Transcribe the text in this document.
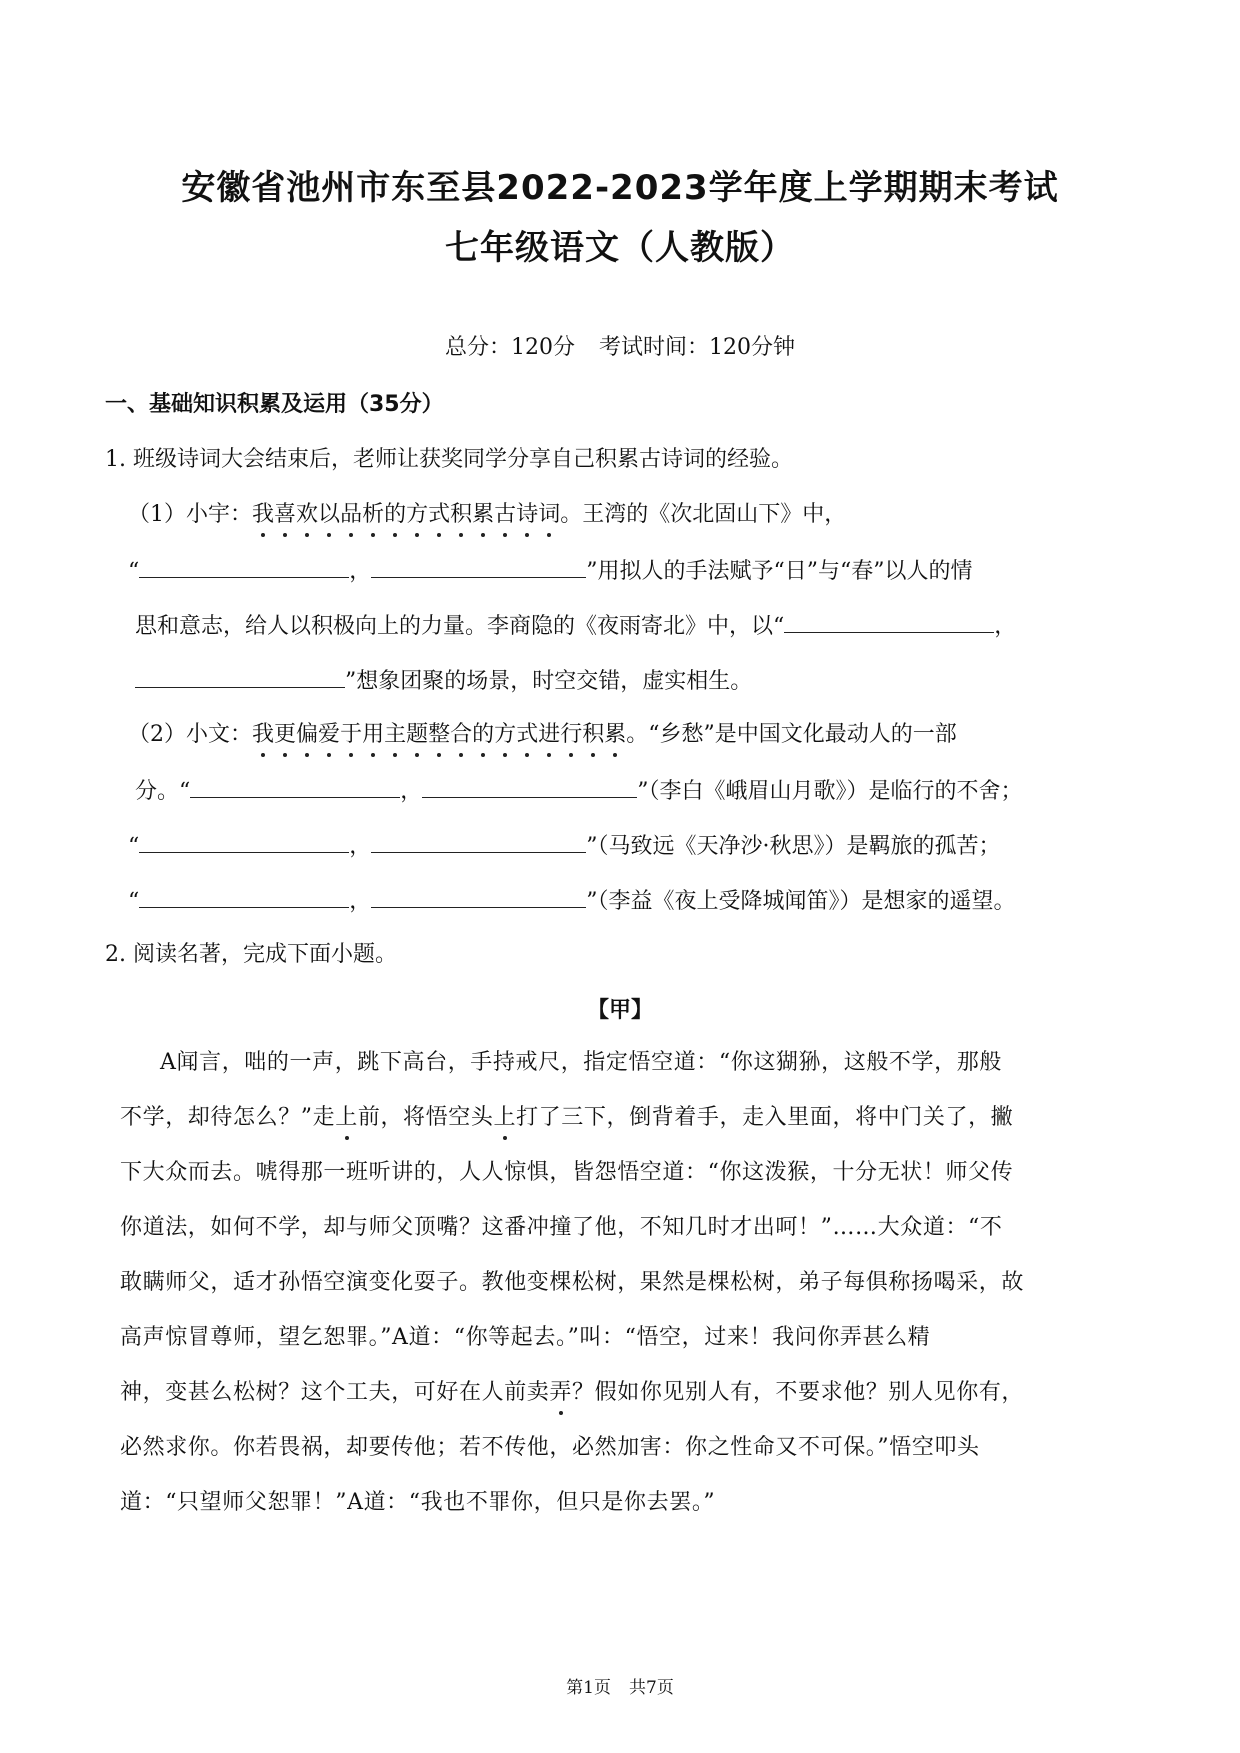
安徽省池州市东至县2022-2023学年度上学期期末考试
七年级语文（人教版）
总分：120分 考试时间：120分钟
一、基础知识积累及运用（35分）
1. 班级诗词大会结束后，老师让获奖同学分享自己积累古诗词的经验。
（1）小宇：我喜欢以品析的方式积累古诗词。王湾的《次北固山下》中，
“	，	”用拟人的手法赋予“日”与“春”以人的情
思和意志，给人以积极向上的力量。李商隐的《夜雨寄北》中，以“	，
”想象团聚的场景，时空交错，虚实相生。
（2）小文：我更偏爱于用主题整合的方式进行积累。“乡愁”是中国文化最动人的一部
分。“	，	”（李白《峨眉山月歌》）是临行的不舍；
“	，	”（马致远《天净沙·秋思》）是羁旅的孤苦；
“	，	”（李益《夜上受降城闻笛》）是想家的遥望。
2. 阅读名著，完成下面小题。
【甲】
A闻言，咄的一声，跳下高台，手持戒尺，指定悟空道：“你这猢狲，这般不学，那般
不学，却待怎么？”走上前，将悟空头上打了三下，倒背着手，走入里面，将中门关了，撇
下大众而去。唬得那一班听讲的，人人惊惧，皆怨悟空道：“你这泼猴，十分无状！师父传
你道法，如何不学，却与师父顶嘴？这番冲撞了他，不知几时才出呵！”……大众道：“不
敢瞒师父，适才孙悟空演变化耍子。教他变棵松树，果然是棵松树，弟子每俱称扬喝采，故
高声惊冒尊师，望乞恕罪。”A道：“你等起去。”叫：“悟空，过来！我问你弄甚么精
神，变甚么松树？这个工夫，可好在人前卖弄？假如你见别人有，不要求他？别人见你有，
必然求你。你若畏祸，却要传他；若不传他，必然加害：你之性命又不可保。”悟空叩头
道：“只望师父恕罪！”A道：“我也不罪你，但只是你去罢。”
第1页 共7页
